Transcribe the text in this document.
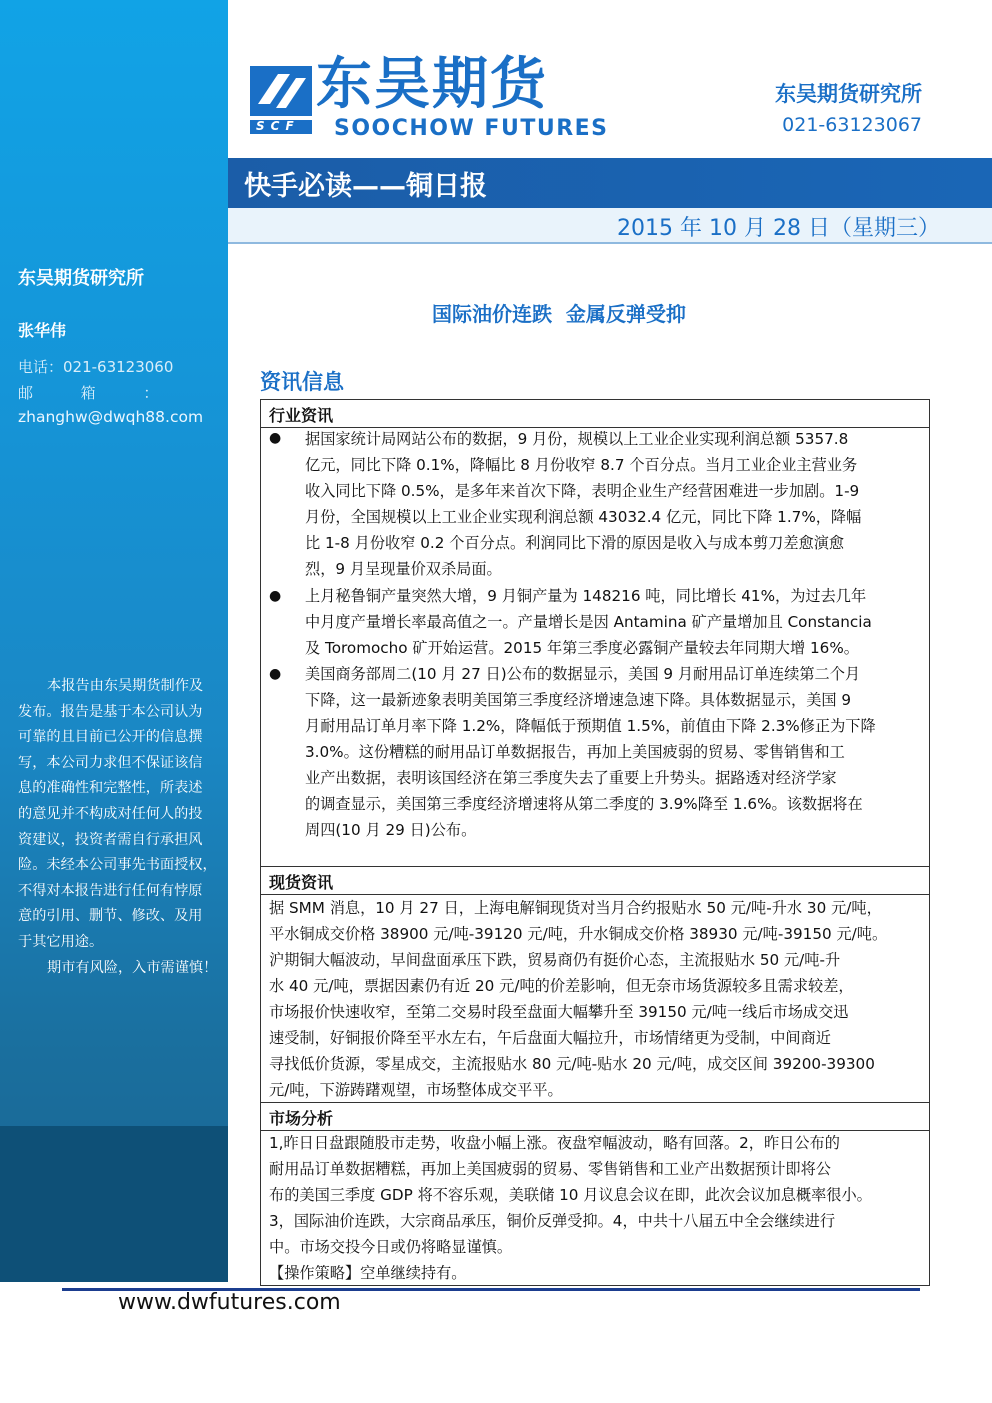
东吴期货研究所
张华伟
电话：021-63123060
邮          箱          ：
zhanghw@dwqh88.com
本报告由东吴期货制作及
发布。报告是基于本公司认为
可靠的且目前已公开的信息撰
写，本公司力求但不保证该信
息的准确性和完整性，所表述
的意见并不构成对任何人的投
资建议，投资者需自行承担风
险。未经本公司事先书面授权，
不得对本报告进行任何有悖原
意的引用、删节、修改、及用
于其它用途。
期市有风险，入市需谨慎！
SCF
东吴期货
SOOCHOW FUTURES
东吴期货研究所
021-63123067
快手必读——铜日报
2015 年 10 月 28 日（星期三）
国际油价连跌  金属反弹受抑
资讯信息
行业资讯
● 据国家统计局网站公布的数据，9 月份，规模以上工业企业实现利润总额 5357.8
亿元，同比下降 0.1%，降幅比 8 月份收窄 8.7 个百分点。当月工业企业主营业务
收入同比下降 0.5%，是多年来首次下降，表明企业生产经营困难进一步加剧。1-9
月份，全国规模以上工业企业实现利润总额 43032.4 亿元，同比下降 1.7%，降幅
比 1-8 月份收窄 0.2 个百分点。利润同比下滑的原因是收入与成本剪刀差愈演愈
烈，9 月呈现量价双杀局面。
● 上月秘鲁铜产量突然大增，9 月铜产量为 148216 吨，同比增长 41%，为过去几年
中月度产量增长率最高值之一。产量增长是因 Antamina 矿产量增加且 Constancia
及 Toromocho 矿开始运营。2015 年第三季度必露铜产量较去年同期大增 16%。
● 美国商务部周二(10 月 27 日)公布的数据显示，美国 9 月耐用品订单连续第二个月
下降，这一最新迹象表明美国第三季度经济增速急速下降。具体数据显示，美国 9
月耐用品订单月率下降 1.2%，降幅低于预期值 1.5%，前值由下降 2.3%修正为下降
3.0%。这份糟糕的耐用品订单数据报告，再加上美国疲弱的贸易、零售销售和工
业产出数据，表明该国经济在第三季度失去了重要上升势头。据路透对经济学家
的调查显示，美国第三季度经济增速将从第二季度的 3.9%降至 1.6%。该数据将在
周四(10 月 29 日)公布。
现货资讯
据 SMM 消息，10 月 27 日，上海电解铜现货对当月合约报贴水 50 元/吨-升水 30 元/吨，
平水铜成交价格 38900 元/吨-39120 元/吨，升水铜成交价格 38930 元/吨-39150 元/吨。
沪期铜大幅波动，早间盘面承压下跌，贸易商仍有挺价心态，主流报贴水 50 元/吨-升
水 40 元/吨，票据因素仍有近 20 元/吨的价差影响，但无奈市场货源较多且需求较差，
市场报价快速收窄，至第二交易时段至盘面大幅攀升至 39150 元/吨一线后市场成交迅
速受制，好铜报价降至平水左右，午后盘面大幅拉升，市场情绪更为受制，中间商近
寻找低价货源，零星成交，主流报贴水 80 元/吨-贴水 20 元/吨，成交区间 39200-39300
元/吨，下游踌躇观望，市场整体成交平平。
市场分析
1,昨日日盘跟随股市走势，收盘小幅上涨。夜盘窄幅波动，略有回落。2，昨日公布的
耐用品订单数据糟糕，再加上美国疲弱的贸易、零售销售和工业产出数据预计即将公
布的美国三季度 GDP 将不容乐观，美联储 10 月议息会议在即，此次会议加息概率很小。
3，国际油价连跌，大宗商品承压，铜价反弹受抑。4，中共十八届五中全会继续进行
中。市场交投今日或仍将略显谨慎。
【操作策略】空单继续持有。
www.dwfutures.com
